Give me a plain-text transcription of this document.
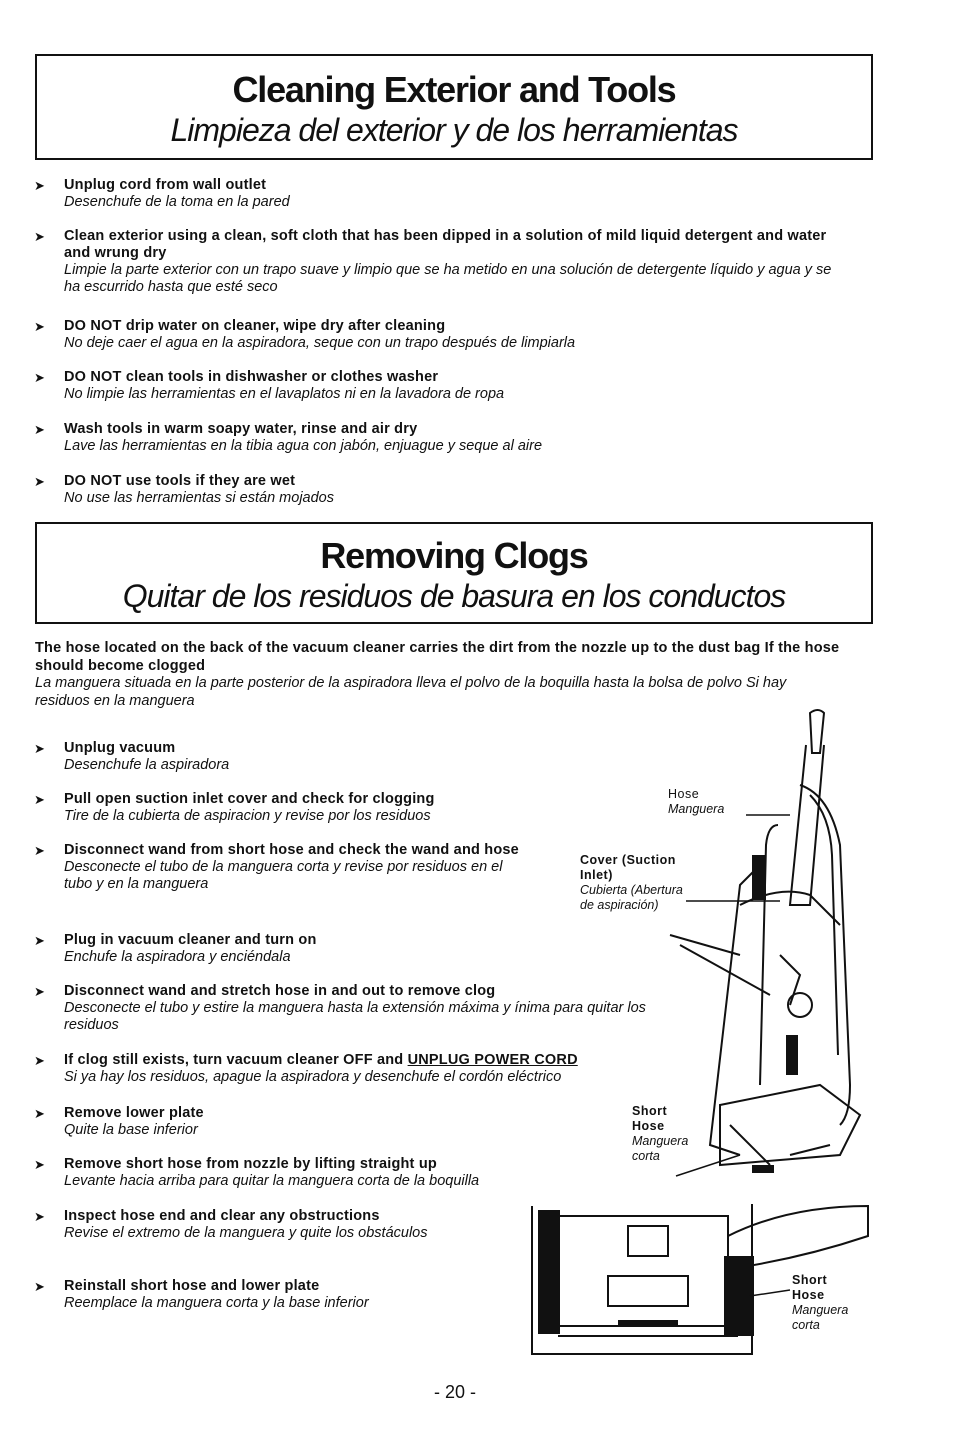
Cleaning Exterior and Tools
Limpieza del exterior y de los herramientas
➤ Unplug cord from wall outlet
Desenchufe de la toma en la pared
➤ Clean exterior using a clean, soft cloth that has been dipped in a solution of mild liquid detergent and water and wrung dry
Limpie la parte exterior con un trapo suave y limpio que se ha metido en una solución de detergente líquido y agua y se ha escurrido hasta que esté seco
➤ DO NOT drip water on cleaner, wipe dry after cleaning
No deje caer el agua en la aspiradora, seque con un trapo después de limpiarla
➤ DO NOT clean tools in dishwasher or clothes washer
No limpie las herramientas en el lavaplatos ni en la lavadora de ropa
➤ Wash tools in warm soapy water, rinse and air dry
Lave las herramientas en la tibia agua con jabón, enjuague y seque al aire
➤ DO NOT use tools if they are wet
No use las herramientas si están mojados
Removing Clogs
Quitar de los residuos de basura en los conductos
The hose located on the back of the vacuum cleaner carries the dirt from the nozzle up to the dust bag If the hose should become clogged
La manguera situada en la parte posterior de la aspiradora lleva el polvo de la boquilla hasta la bolsa de polvo Si hay residuos en la manguera
➤ Unplug vacuum
Desenchufe la aspiradora
➤ Pull open suction inlet cover and check for clogging
Tire de la cubierta de aspiracion y revise por los residuos
➤ Disconnect wand from short hose and check the wand and hose
Desconecte el tubo de la manguera corta y revise por residuos en el tubo y en la manguera
➤ Plug in vacuum cleaner and turn on
Enchufe la aspiradora y enciéndala
➤ Disconnect wand and stretch hose in and out to remove clog
Desconecte el tubo y estire la manguera hasta la extensión máxima y ínima para quitar los residuos
➤ If clog still exists, turn vacuum cleaner OFF and UNPLUG POWER CORD
Si ya hay los residuos, apague la aspiradora y desenchufe el cordón eléctrico
➤ Remove lower plate
Quite la base inferior
➤ Remove short hose from nozzle by lifting straight up
Levante hacia arriba para quitar la manguera corta de la boquilla
➤ Inspect hose end and clear any obstructions
Revise el extremo de la manguera y quite los obstáculos
➤ Reinstall short hose and lower plate
Reemplace la manguera corta y la base inferior
Hose
Manguera
Cover (Suction Inlet)
Cubierta (Abertura de aspiración)
Short Hose
Manguera corta
Short Hose
Manguera corta
- 20 -
